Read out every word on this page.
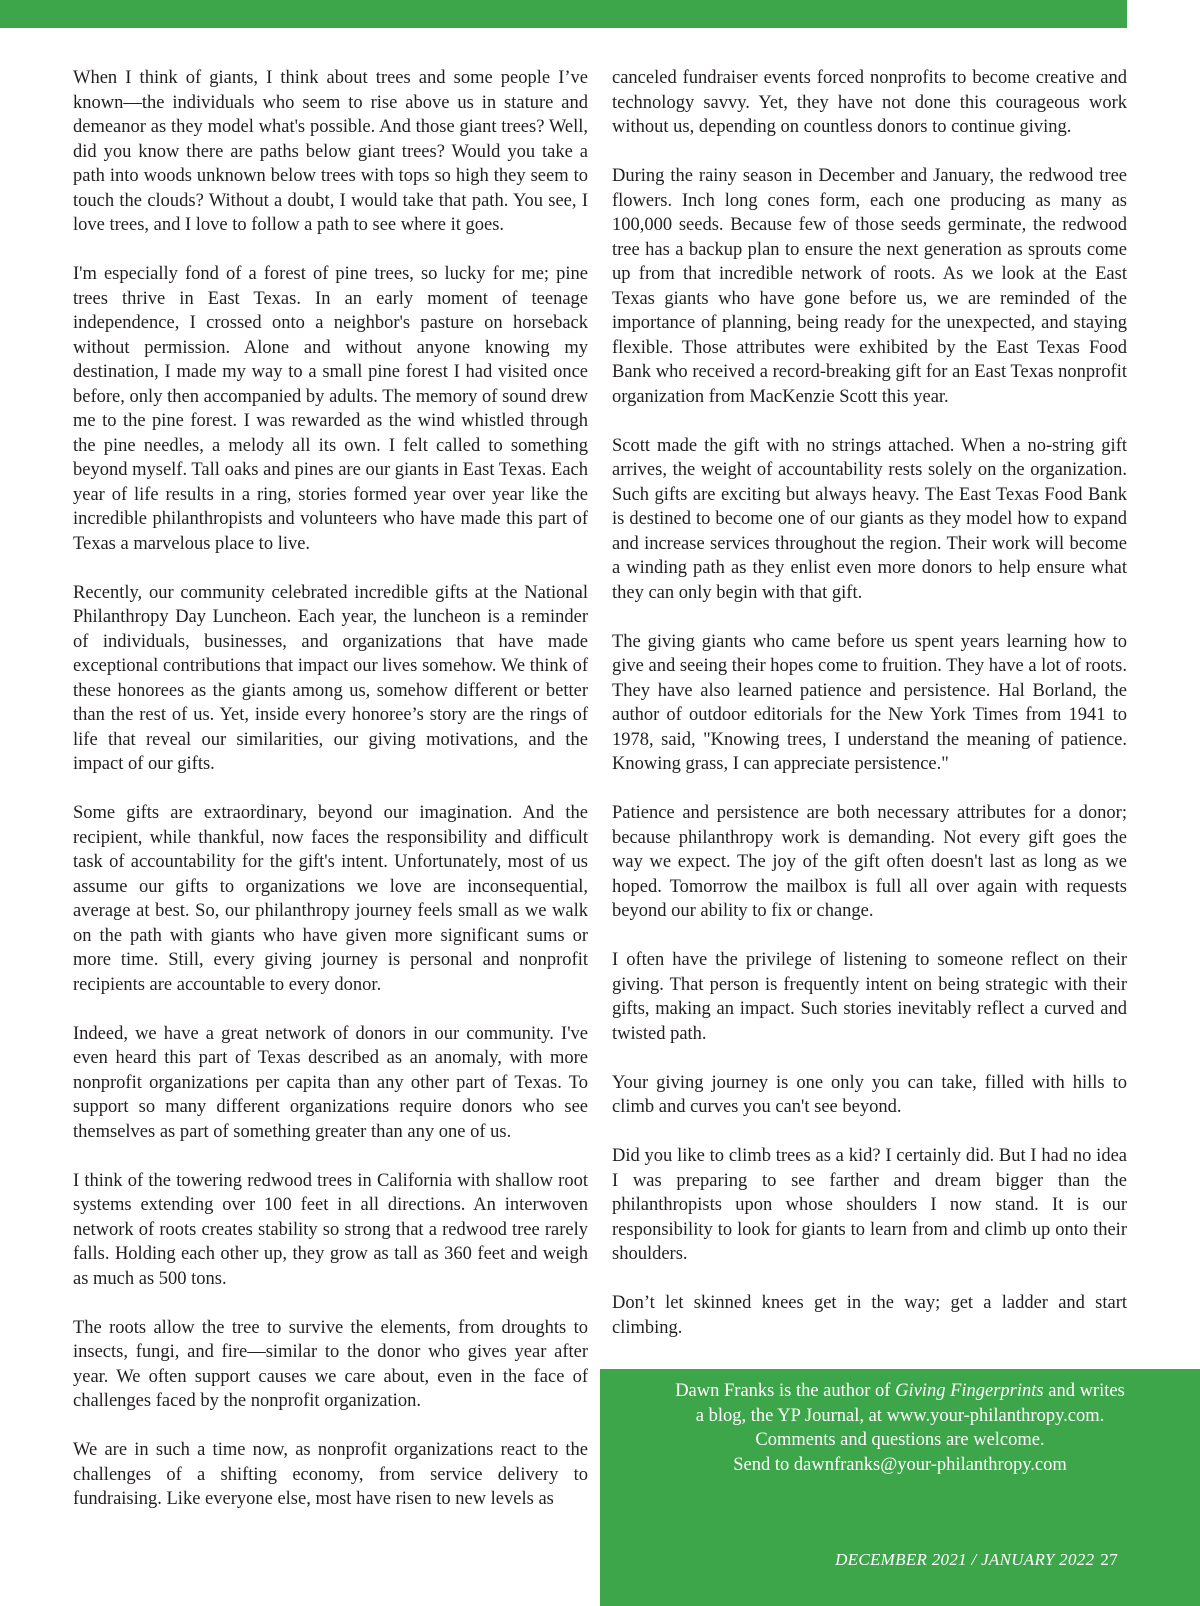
When I think of giants, I think about trees and some people I’ve known—the individuals who seem to rise above us in stature and demeanor as they model what's possible. And those giant trees? Well, did you know there are paths below giant trees? Would you take a path into woods unknown below trees with tops so high they seem to touch the clouds? Without a doubt, I would take that path. You see, I love trees, and I love to follow a path to see where it goes.

I'm especially fond of a forest of pine trees, so lucky for me; pine trees thrive in East Texas. In an early moment of teenage independence, I crossed onto a neighbor's pasture on horseback without permission. Alone and without anyone knowing my destination, I made my way to a small pine forest I had visited once before, only then accompanied by adults. The memory of sound drew me to the pine forest. I was rewarded as the wind whistled through the pine needles, a melody all its own. I felt called to something beyond myself. Tall oaks and pines are our giants in East Texas. Each year of life results in a ring, stories formed year over year like the incredible philanthropists and volunteers who have made this part of Texas a marvelous place to live.

Recently, our community celebrated incredible gifts at the National Philanthropy Day Luncheon. Each year, the luncheon is a reminder of individuals, businesses, and organizations that have made exceptional contributions that impact our lives somehow. We think of these honorees as the giants among us, somehow different or better than the rest of us. Yet, inside every honoree’s story are the rings of life that reveal our similarities, our giving motivations, and the impact of our gifts.

Some gifts are extraordinary, beyond our imagination. And the recipient, while thankful, now faces the responsibility and difficult task of accountability for the gift's intent. Unfortunately, most of us assume our gifts to organizations we love are inconsequential, average at best. So, our philanthropy journey feels small as we walk on the path with giants who have given more significant sums or more time. Still, every giving journey is personal and nonprofit recipients are accountable to every donor.

Indeed, we have a great network of donors in our community. I've even heard this part of Texas described as an anomaly, with more nonprofit organizations per capita than any other part of Texas. To support so many different organizations require donors who see themselves as part of something greater than any one of us.

I think of the towering redwood trees in California with shallow root systems extending over 100 feet in all directions. An interwoven network of roots creates stability so strong that a redwood tree rarely falls. Holding each other up, they grow as tall as 360 feet and weigh as much as 500 tons.

The roots allow the tree to survive the elements, from droughts to insects, fungi, and fire—similar to the donor who gives year after year. We often support causes we care about, even in the face of challenges faced by the nonprofit organization.

We are in such a time now, as nonprofit organizations react to the challenges of a shifting economy, from service delivery to fundraising. Like everyone else, most have risen to new levels as

canceled fundraiser events forced nonprofits to become creative and technology savvy. Yet, they have not done this courageous work without us, depending on countless donors to continue giving.

During the rainy season in December and January, the redwood tree flowers. Inch long cones form, each one producing as many as 100,000 seeds. Because few of those seeds germinate, the redwood tree has a backup plan to ensure the next generation as sprouts come up from that incredible network of roots. As we look at the East Texas giants who have gone before us, we are reminded of the importance of planning, being ready for the unexpected, and staying flexible. Those attributes were exhibited by the East Texas Food Bank who received a record-breaking gift for an East Texas nonprofit organization from MacKenzie Scott this year.

Scott made the gift with no strings attached. When a no-string gift arrives, the weight of accountability rests solely on the organization. Such gifts are exciting but always heavy. The East Texas Food Bank is destined to become one of our giants as they model how to expand and increase services throughout the region. Their work will become a winding path as they enlist even more donors to help ensure what they can only begin with that gift.

The giving giants who came before us spent years learning how to give and seeing their hopes come to fruition. They have a lot of roots. They have also learned patience and persistence. Hal Borland, the author of outdoor editorials for the New York Times from 1941 to 1978, said, "Knowing trees, I understand the meaning of patience. Knowing grass, I can appreciate persistence."

Patience and persistence are both necessary attributes for a donor; because philanthropy work is demanding. Not every gift goes the way we expect. The joy of the gift often doesn't last as long as we hoped. Tomorrow the mailbox is full all over again with requests beyond our ability to fix or change.

I often have the privilege of listening to someone reflect on their giving. That person is frequently intent on being strategic with their gifts, making an impact. Such stories inevitably reflect a curved and twisted path.

Your giving journey is one only you can take, filled with hills to climb and curves you can't see beyond.

Did you like to climb trees as a kid? I certainly did. But I had no idea I was preparing to see farther and dream bigger than the philanthropists upon whose shoulders I now stand. It is our responsibility to look for giants to learn from and climb up onto their shoulders.

Don’t let skinned knees get in the way; get a ladder and start climbing.

Dawn Franks is the author of Giving Fingerprints and writes
a blog, the YP Journal, at www.your-philanthropy.com.
Comments and questions are welcome.
Send to dawnfranks@your-philanthropy.com
DECEMBER 2021 / JANUARY 2022 27
